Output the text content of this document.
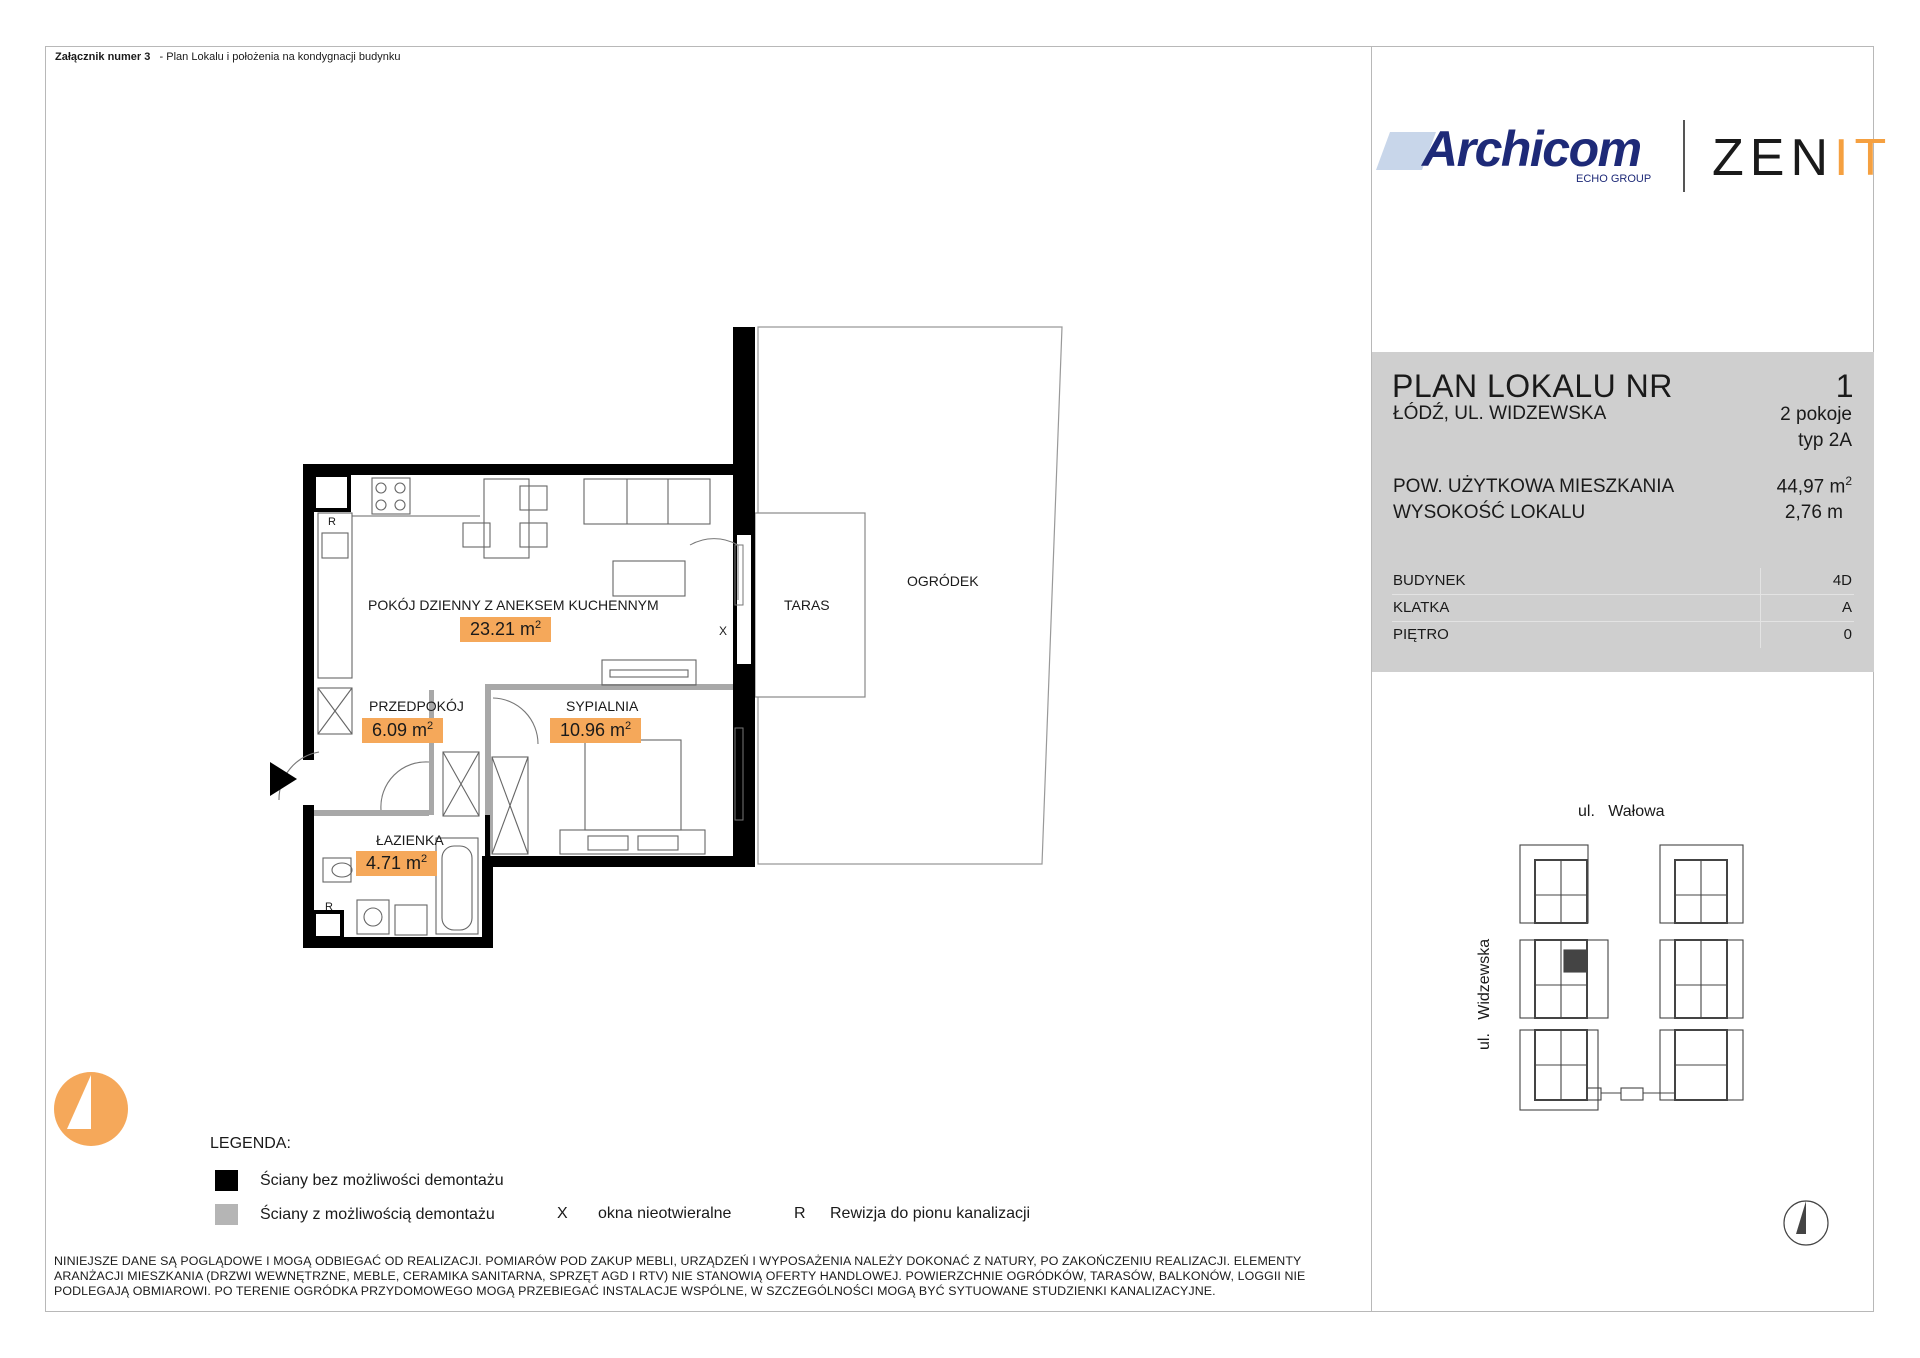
Załącznik numer 3 - Plan Lokalu i położenia na kondygnacji budynku
Archicom
ECHO GROUP ZENIT
PLAN LOKALU NR	1
ŁÓDŹ, UL. WIDZEWSKA	2 pokoje
typ 2A
POW. UŻYTKOWA MIESZKANIA	44,97 $m^2$
WYSOKOŚĆ LOKALU	2,76 m
BUDYNEK	4D
KLATKA	A
PIĘTRO	0
POKÓJ DZIENNY Z ANEKSEM KUCHENNYM
23.21 $m^2$
PRZEDPOKÓJ
6.09 $m^2$
SYPIALNIA
10.96 $m^2$
ŁAZIENKA
4.71 $m^2$
TARAS
OGRÓDEK
R
R
X
ul.   Wałowa
ul.   Widzewska
LEGENDA:
Ściany bez możliwości demontażu
Ściany z możliwością demontażu	X okna nieotwieralne	R Rewizja do pionu kanalizacji
NINIEJSZE DANE SĄ POGLĄDOWE I MOGĄ ODBIEGAĆ OD REALIZACJI. POMIARÓW POD ZAKUP MEBLI, URZĄDZEŃ I WYPOSAŻENIA NALEŻY DOKONAĆ Z NATURY, PO ZAKOŃCZENIU REALIZACJI. ELEMENTY ARANŻACJI MIESZKANIA (DRZWI WEWNĘTRZNE, MEBLE, CERAMIKA SANITARNA, SPRZĘT AGD I RTV) NIE STANOWIĄ OFERTY HANDLOWEJ. POWIERZCHNIE OGRÓDKÓW, TARASÓW, BALKONÓW, LOGGII NIE PODLEGAJĄ OBMIAROWI. PO TERENIE OGRÓDKA PRZYDOMOWEGO MOGĄ PRZEBIEGAĆ INSTALACJE WSPÓLNE, W SZCZEGÓLNOŚCI MOGĄ BYĆ SYTUOWANE STUDZIENKI KANALIZACYJNE.
